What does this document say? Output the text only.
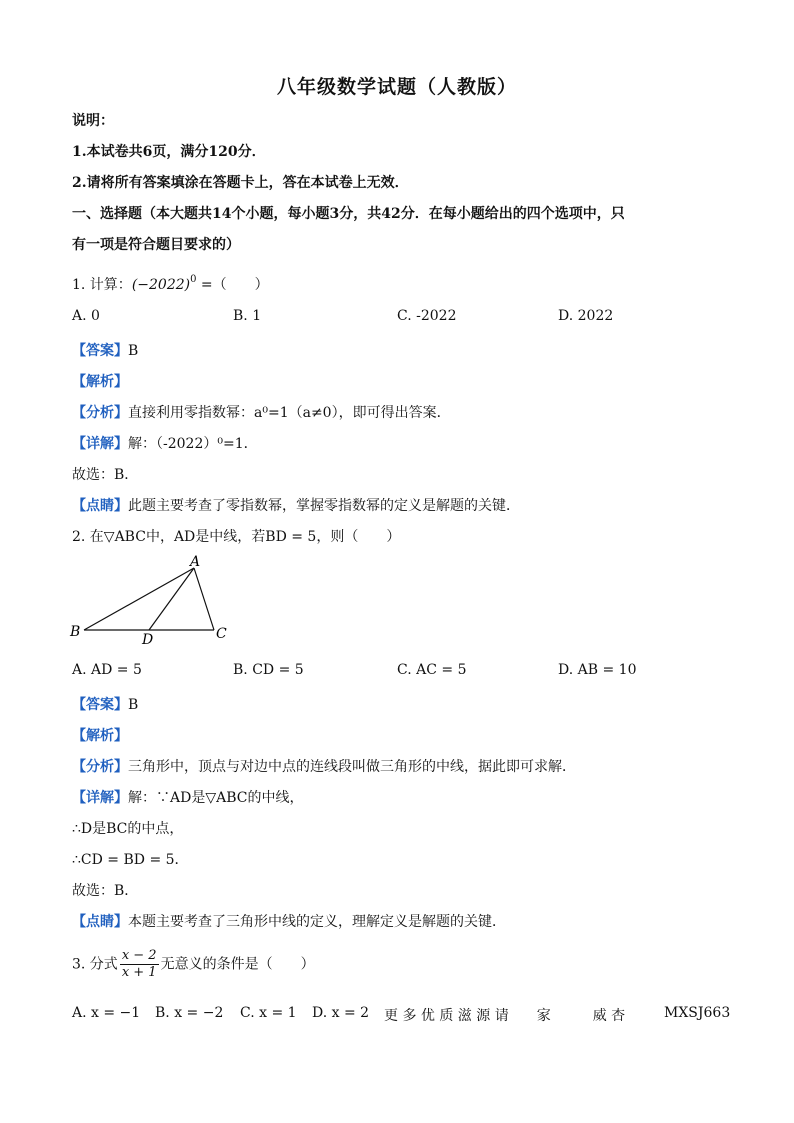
八年级数学试题（人教版）
说明：
1.本试卷共6页，满分120分．
2.请将所有答案填涂在答题卡上，答在本试卷上无效．
一、选择题（本大题共14个小题，每小题3分，共42分．在每小题给出的四个选项中，只
有一项是符合题目要求的）
1. 计算：$(-2022)^0$ =（　　）
A. 0	B. 1	C. -2022	D. 2022
【答案】B
【解析】
【分析】直接利用零指数幂：a⁰=1（a≠0），即可得出答案．
【详解】解：（-2022）⁰=1．
故选：B．
【点睛】此题主要考查了零指数幂，掌握零指数幂的定义是解题的关键．
2. 在▽ABC中，AD是中线，若BD = 5，则（　　）
A
B	C
D
A. AD = 5	B. CD = 5	C. AC = 5	D. AB = 10
【答案】B
【解析】
【分析】三角形中，顶点与对边中点的连线段叫做三角形的中线，据此即可求解．
【详解】解：∵AD是▽ABC的中线，
∴D是BC的中点，
∴CD = BD = 5．
故选：B．
【点睛】本题主要考查了三角形中线的定义，理解定义是解题的关键．
3. 分式 $\frac{x - 2}{x + 1}$ 无意义的条件是（　　）
A. x = −1 B. x = −2 C. x = 1 D. x = 2 更 多 优 质 滋 源 请　　家　　　威 杏	MXSJ663
